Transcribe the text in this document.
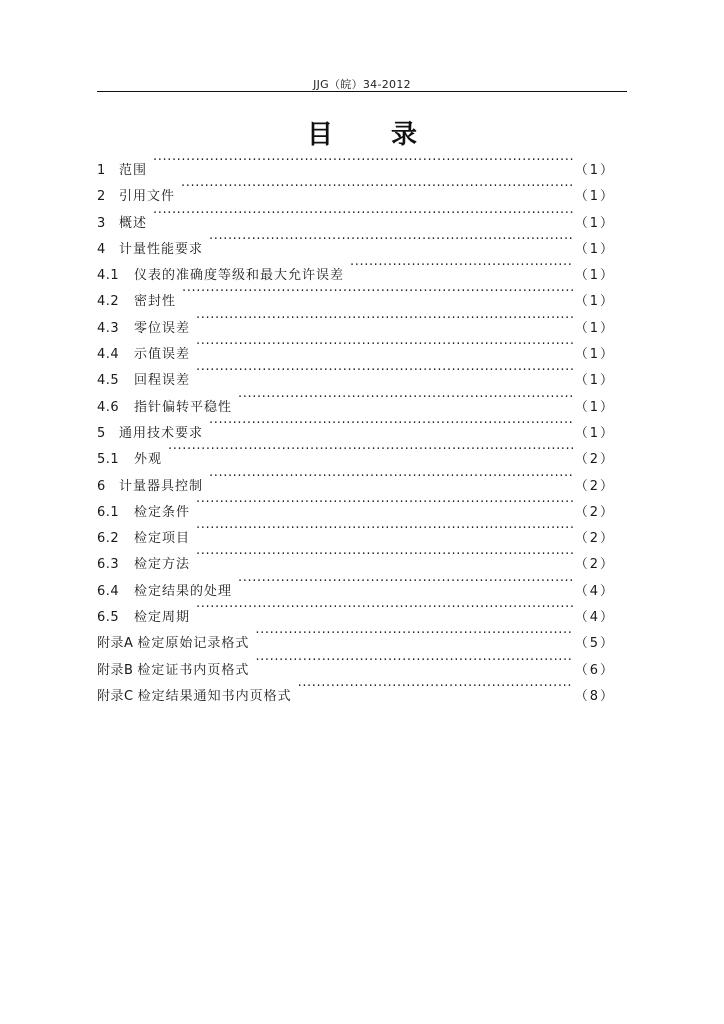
JJG（皖）34-2012
目录
1	范围 ·····	（1）
2	引用文件 ·····	（1）
3	概述 ·····	（1）
4	计量性能要求 ·····	（1）
4.1	仪表的准确度等级和最大允许误差 ·····	（1）
4.2	密封性 ·····	（1）
4.3	零位误差 ·····	（1）
4.4	示值误差 ·····	（1）
4.5	回程误差 ·····	（1）
4.6	指针偏转平稳性 ·····	（1）
5	通用技术要求 ·····	（1）
5.1	外观 ·····	（2）
6	计量器具控制 ·····	（2）
6.1	检定条件 ·····	（2）
6.2	检定项目 ·····	（2）
6.3	检定方法 ·····	（2）
6.4	检定结果的处理 ·····	（4）
6.5	检定周期 ·····	（4）
附录A 检定原始记录格式 ·····	（5）
附录B 检定证书内页格式 ·····	（6）
附录C 检定结果通知书内页格式 ·····	（8）
